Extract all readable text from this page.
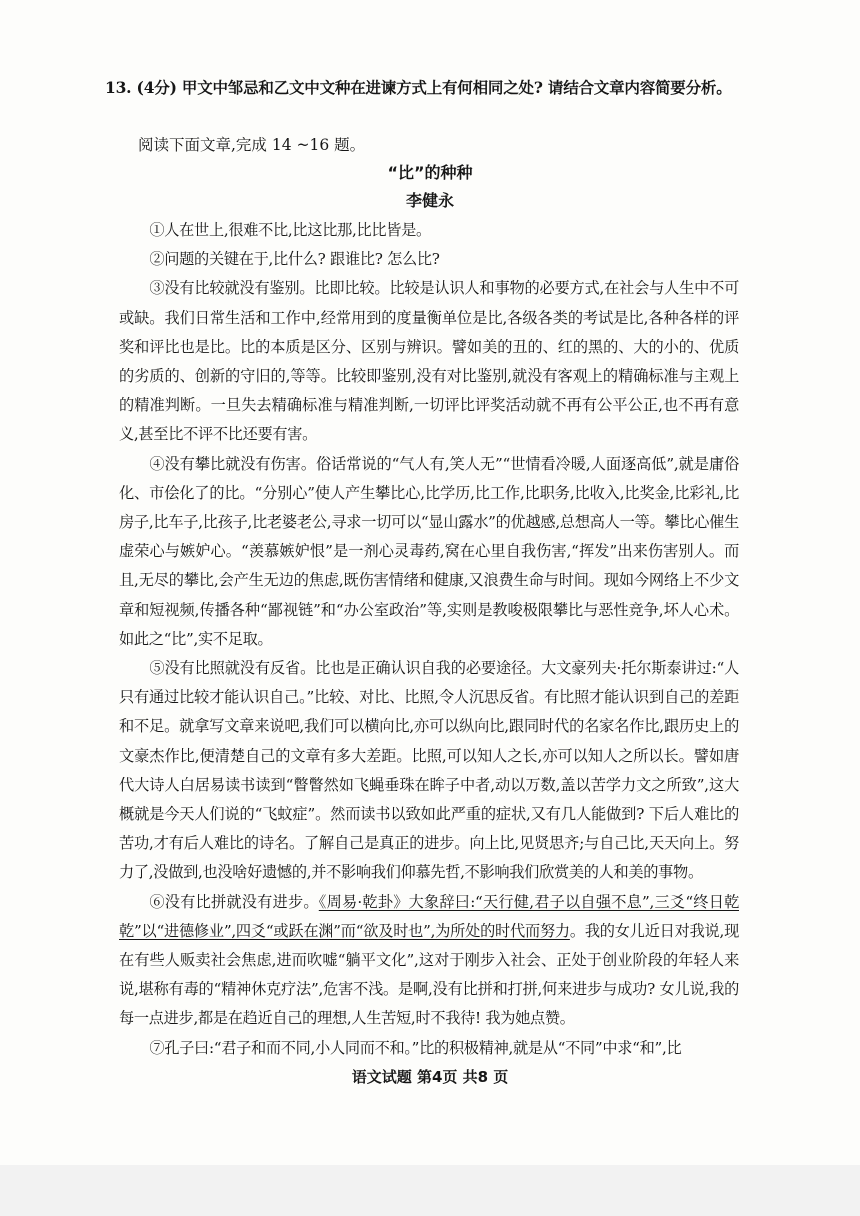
13. (4分) 甲文中邹忌和乙文中文种在进谏方式上有何相同之处? 请结合文章内容简要分析。
阅读下面文章,完成 14 ~16 题。
“比”的种种
李健永

①人在世上,很难不比,比这比那,比比皆是。

②问题的关键在于,比什么? 跟谁比? 怎么比?

③没有比较就没有鉴别。比即比较。比较是认识人和事物的必要方式,在社会与人生中不可或缺。我们日常生活和工作中,经常用到的度量衡单位是比,各级各类的考试是比,各种各样的评奖和评比也是比。比的本质是区分、区别与辨识。譬如美的丑的、红的黑的、大的小的、优质的劣质的、创新的守旧的,等等。比较即鉴别,没有对比鉴别,就没有客观上的精确标准与主观上的精准判断。一旦失去精确标准与精准判断,一切评比评奖活动就不再有公平公正,也不再有意义,甚至比不评不比还要有害。

④没有攀比就没有伤害。俗话常说的“气人有,笑人无”“世情看冷暖,人面逐高低”,就是庸俗化、市侩化了的比。“分别心”使人产生攀比心,比学历,比工作,比职务,比收入,比奖金,比彩礼,比房子,比车子,比孩子,比老婆老公,寻求一切可以“显山露水”的优越感,总想高人一等。攀比心催生虚荣心与嫉妒心。“羡慕嫉妒恨”是一剂心灵毒药,窝在心里自我伤害,“挥发”出来伤害别人。而且,无尽的攀比,会产生无边的焦虑,既伤害情绪和健康,又浪费生命与时间。现如今网络上不少文章和短视频,传播各种“鄙视链”和“办公室政治”等,实则是教唆极限攀比与恶性竞争,坏人心术。如此之“比”,实不足取。

⑤没有比照就没有反省。比也是正确认识自我的必要途径。大文豪列夫·托尔斯泰讲过:“人只有通过比较才能认识自己。”比较、对比、比照,令人沉思反省。有比照才能认识到自己的差距和不足。就拿写文章来说吧,我们可以横向比,亦可以纵向比,跟同时代的名家名作比,跟历史上的文豪杰作比,便清楚自己的文章有多大差距。比照,可以知人之长,亦可以知人之所以长。譬如唐代大诗人白居易读书读到“瞥瞥然如飞蝇垂珠在眸子中者,动以万数,盖以苦学力文之所致”,这大概就是今天人们说的“飞蚊症”。然而读书以致如此严重的症状,又有几人能做到? 下后人难比的苦功,才有后人难比的诗名。了解自己是真正的进步。向上比,见贤思齐;与自己比,天天向上。努力了,没做到,也没啥好遗憾的,并不影响我们仰慕先哲,不影响我们欣赏美的人和美的事物。

⑥没有比拼就没有进步。《周易·乾卦》大象辞曰:“天行健,君子以自强不息”,三爻“终日乾乾”以“进德修业”,四爻“或跃在渊”而“欲及时也”,为所处的时代而努力。我的女儿近日对我说,现在有些人贩卖社会焦虑,进而吹嘘“躺平文化”,这对于刚步入社会、正处于创业阶段的年轻人来说,堪称有毒的“精神休克疗法”,危害不浅。是啊,没有比拼和打拼,何来进步与成功? 女儿说,我的每一点进步,都是在趋近自己的理想,人生苦短,时不我待! 我为她点赞。

⑦孔子曰:“君子和而不同,小人同而不和。”比的积极精神,就是从“不同”中求“和”,比

语文试题 第4页 共8 页
